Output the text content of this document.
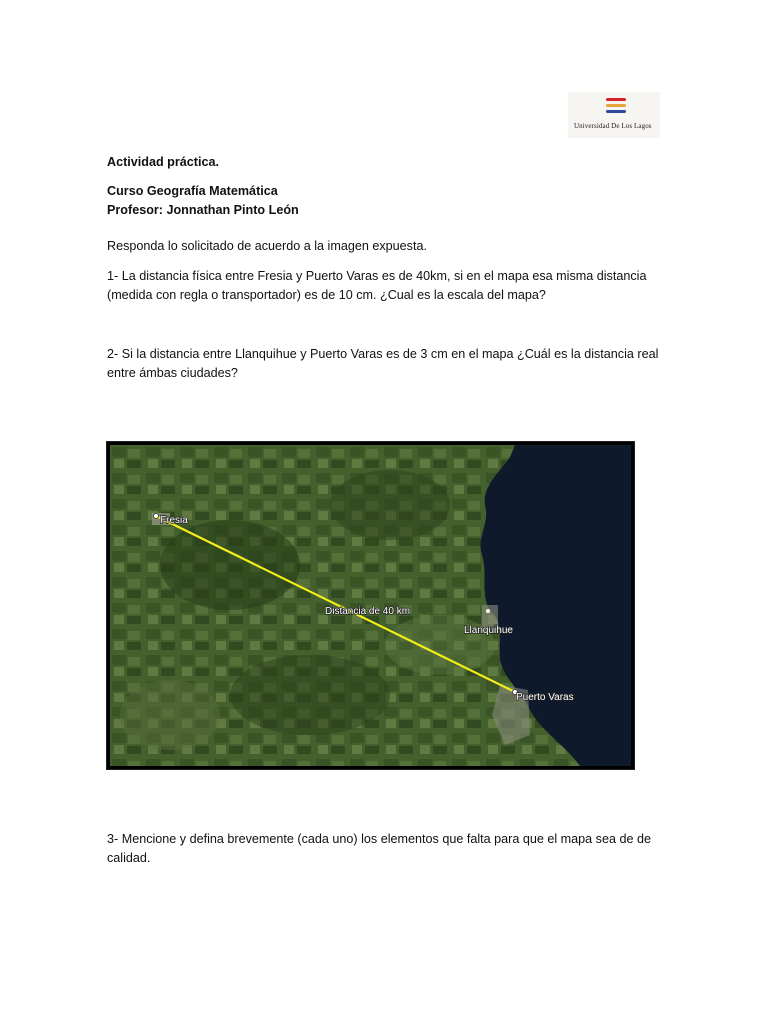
Universidad De Los Lagos
Actividad práctica.
Curso Geografía Matemática
Profesor: Jonnathan Pinto León
Responda lo solicitado de acuerdo a la imagen expuesta.
1- La distancia física entre Fresia y Puerto Varas es de 40km, si en el mapa esa misma distancia
(medida con regla o transportador) es de 10 cm. ¿Cual es la escala del mapa?
2- Si la distancia entre Llanquihue y Puerto Varas es de 3 cm en el mapa ¿Cuál es la distancia real
entre ámbas ciudades?
Fresia
Distancia de 40 km
Llanquihue
Puerto Varas
3- Mencione y defina brevemente (cada uno) los elementos que falta para que el mapa sea de de
calidad.
